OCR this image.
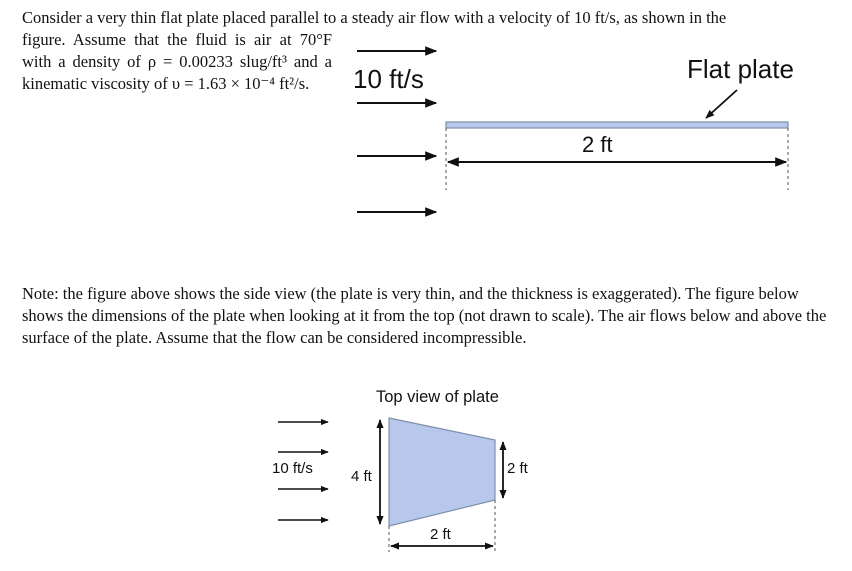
Consider a very thin flat plate placed parallel to a steady air flow with a velocity of 10 ft/s, as shown in the

figure. Assume that the fluid is air at 70°F with a density of ρ = 0.00233 slug/ft³ and a kinematic viscosity of υ = 1.63 × 10⁻⁴ ft²/s.

Note: the figure above shows the side view (the plate is very thin, and the thickness is exaggerated). The figure below shows the dimensions of the plate when looking at it from the top (not drawn to scale). The air flows below and above the surface of the plate. Assume that the flow can be considered incompressible.

10 ft/s	Flat plate
2 ft
Top view of plate
10 ft/s	4 ft	2 ft
2 ft
